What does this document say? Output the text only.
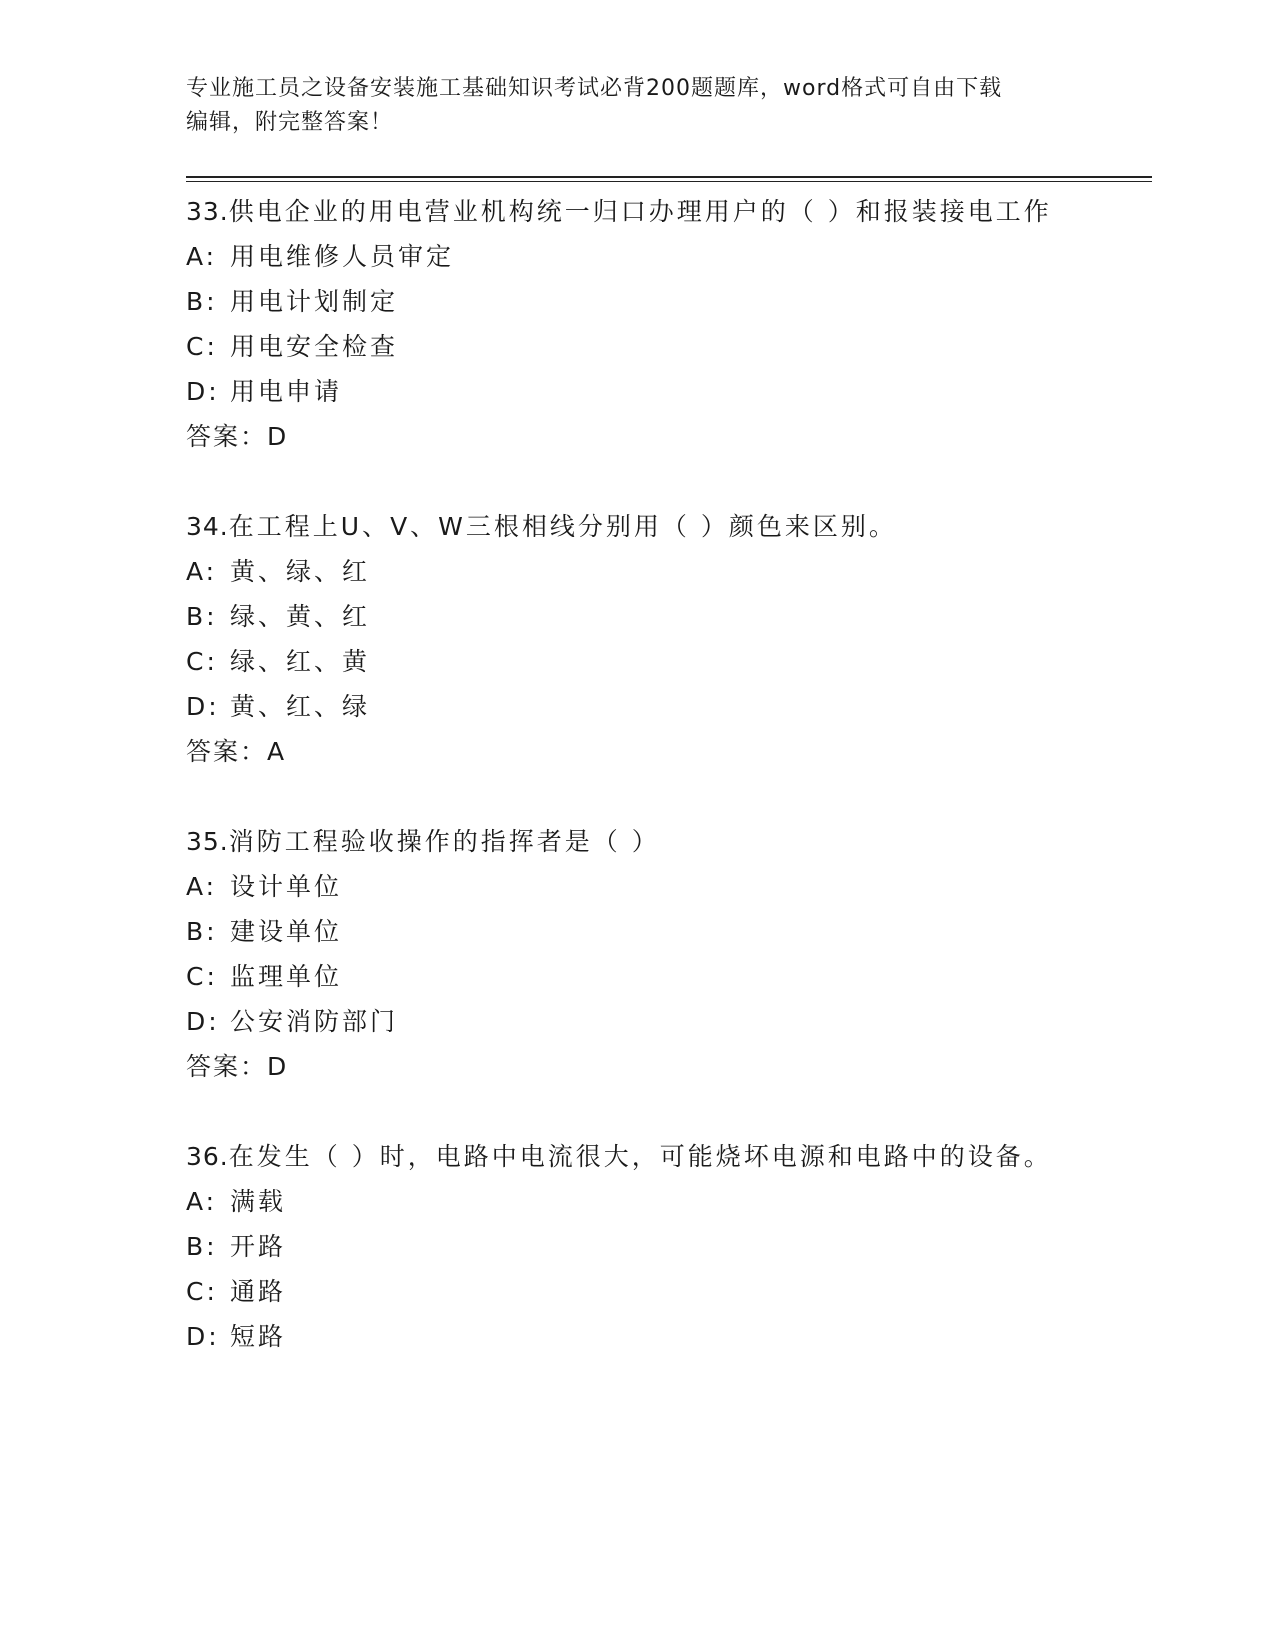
专业施工员之设备安装施工基础知识考试必背200题题库，word格式可自由下载
编辑，附完整答案！
33.供电企业的用电营业机构统一归口办理用户的（ ）和报装接电工作
A: 用电维修人员审定
B: 用电计划制定
C: 用电安全检查
D: 用电申请
答案：D
34.在工程上U、V、W三根相线分别用（ ）颜色来区别。
A: 黄、绿、红
B: 绿、黄、红
C: 绿、红、黄
D: 黄、红、绿
答案：A
35.消防工程验收操作的指挥者是（ ）
A: 设计单位
B: 建设单位
C: 监理单位
D: 公安消防部门
答案：D
36.在发生（ ）时，电路中电流很大，可能烧坏电源和电路中的设备。
A: 满载
B: 开路
C: 通路
D: 短路
